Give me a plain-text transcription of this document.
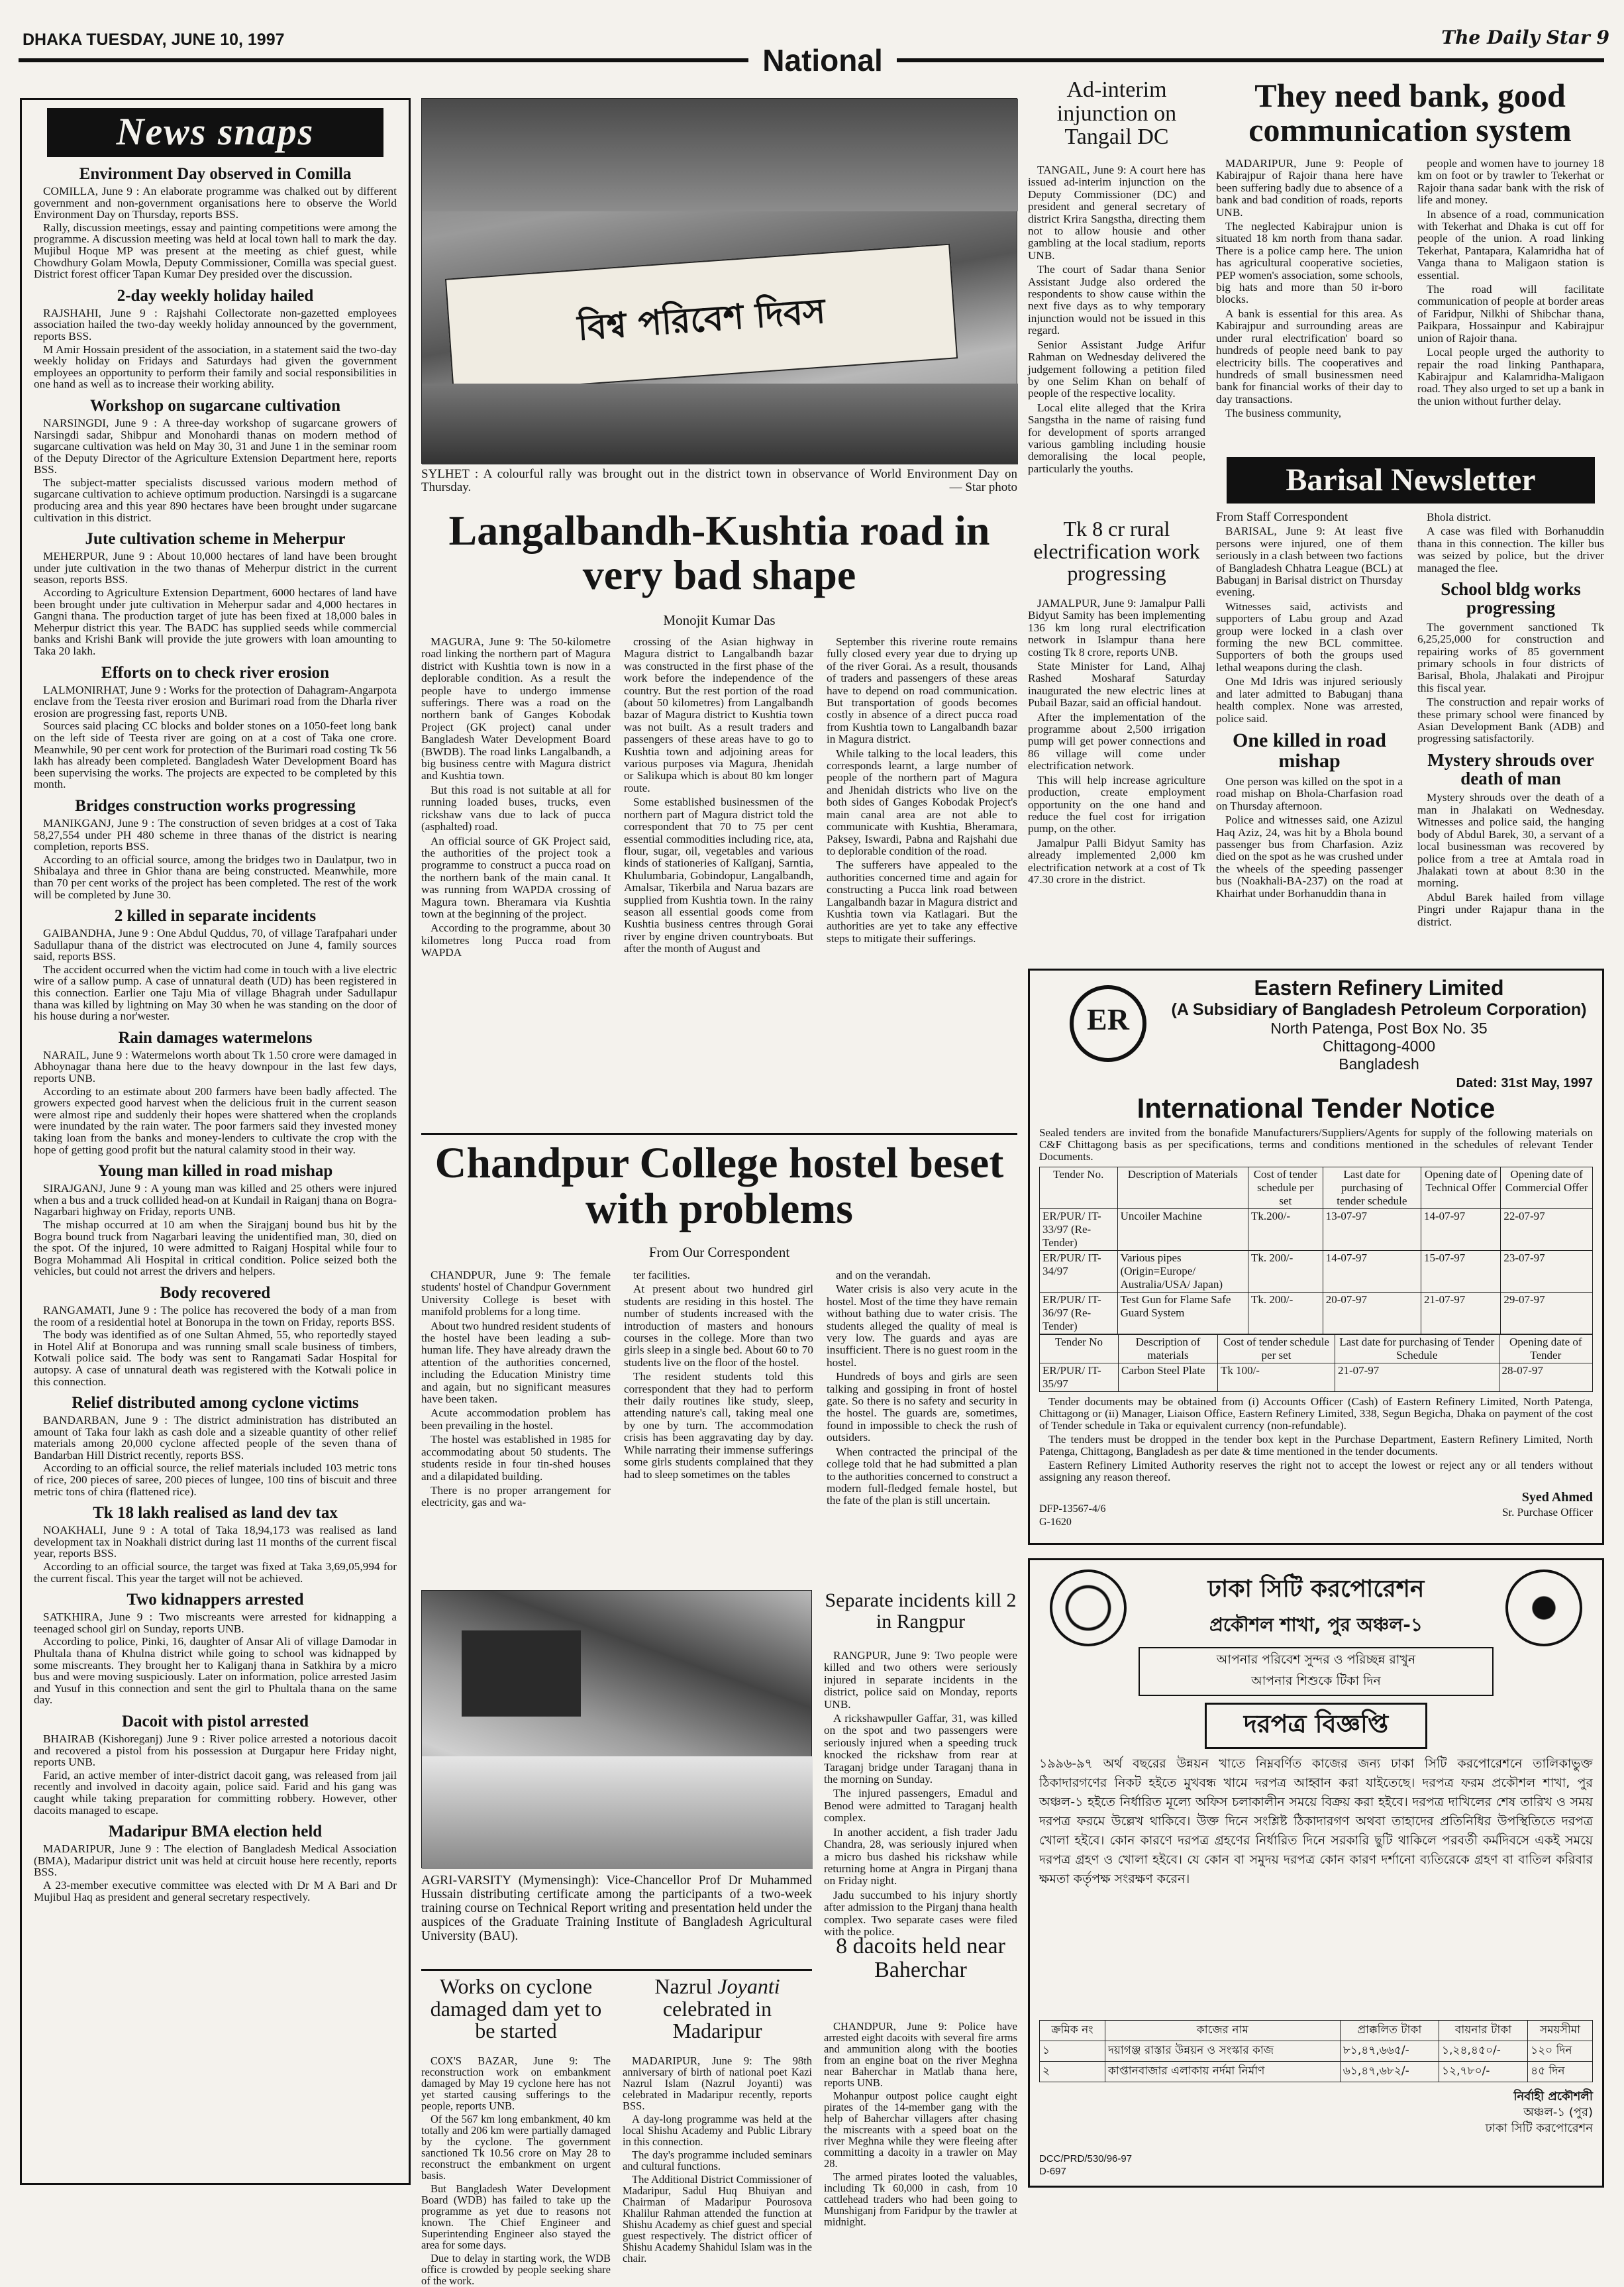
DHAKA TUESDAY, JUNE 10, 1997
National
The Daily Star 9
News snaps
Environment Day observed in Comilla

COMILLA, June 9 : An elaborate programme was chalked out by different government and non-government organisations here to observe the World Environment Day on Thursday, reports BSS.

Rally, discussion meetings, essay and painting competitions were among the programme. A discussion meeting was held at local town hall to mark the day. Mujibul Hoque MP was present at the meeting as chief guest, while Chowdhury Golam Mowla, Deputy Commissioner, Comilla was special guest. District forest officer Tapan Kumar Dey presided over the discussion.

2-day weekly holiday hailed

RAJSHAHI, June 9 : Rajshahi Collectorate non-gazetted employees association hailed the two-day weekly holiday announced by the government, reports BSS.

M Amir Hossain president of the association, in a statement said the two-day weekly holiday on Fridays and Saturdays had given the government employees an opportunity to perform their family and social responsibilities in one hand as well as to increase their working ability.

Workshop on sugarcane cultivation

NARSINGDI, June 9 : A three-day workshop of sugarcane growers of Narsingdi sadar, Shibpur and Monohardi thanas on modern method of sugarcane cultivation was held on May 30, 31 and June 1 in the seminar room of the Deputy Director of the Agriculture Extension Department here, reports BSS.

The subject-matter specialists discussed various modern method of sugarcane cultivation to achieve optimum production. Narsingdi is a sugarcane producing area and this year 890 hectares have been brought under sugarcane cultivation in this district.

Jute cultivation scheme in Meherpur

MEHERPUR, June 9 : About 10,000 hectares of land have been brought under jute cultivation in the two thanas of Meherpur district in the current season, reports BSS.

According to Agriculture Extension Department, 6000 hectares of land have been brought under jute cultivation in Meherpur sadar and 4,000 hectares in Gangni thana. The production target of jute has been fixed at 18,000 bales in Meherpur district this year. The BADC has supplied seeds while commercial banks and Krishi Bank will provide the jute growers with loan amounting to Taka 20 lakh.

Efforts on to check river erosion

LALMONIRHAT, June 9 : Works for the protection of Dahagram-Angarpota enclave from the Teesta river erosion and Burimari road from the Dharla river erosion are progressing fast, reports UNB.

Sources said placing CC blocks and bolder stones on a 1050-feet long bank on the left side of Teesta river are going on at a cost of Taka one crore. Meanwhile, 90 per cent work for protection of the Burimari road costing Tk 56 lakh has already been completed. Bangladesh Water Development Board has been supervising the works. The projects are expected to be completed by this month.

Bridges construction works progressing

MANIKGANJ, June 9 : The construction of seven bridges at a cost of Taka 58,27,554 under PH 480 scheme in three thanas of the district is nearing completion, reports BSS.

According to an official source, among the bridges two in Daulatpur, two in Shibalaya and three in Ghior thana are being constructed. Meanwhile, more than 70 per cent works of the project has been completed. The rest of the work will be completed by June 30.

2 killed in separate incidents

GAIBANDHA, June 9 : One Abdul Quddus, 70, of village Tarafpahari under Sadullapur thana of the district was electrocuted on June 4, family sources said, reports BSS.

The accident occurred when the victim had come in touch with a live electric wire of a sallow pump. A case of unnatural death (UD) has been registered in this connection. Earlier one Taju Mia of village Bhagrah under Sadullapur thana was killed by lightning on May 30 when he was standing on the door of his house during a nor'wester.

Rain damages watermelons

NARAIL, June 9 : Watermelons worth about Tk 1.50 crore were damaged in Abhoynagar thana here due to the heavy downpour in the last few days, reports UNB.

According to an estimate about 200 farmers have been badly affected. The growers expected good harvest when the delicious fruit in the current season were almost ripe and suddenly their hopes were shattered when the croplands were inundated by the rain water. The poor farmers said they invested money taking loan from the banks and money-lenders to cultivate the crop with the hope of getting good profit but the natural calamity stood in their way.

Young man killed in road mishap

SIRAJGANJ, June 9 : A young man was killed and 25 others were injured when a bus and a truck collided head-on at Kundail in Raiganj thana on Bogra-Nagarbari highway on Friday, reports UNB.

The mishap occurred at 10 am when the Sirajganj bound bus hit by the Bogra bound truck from Nagarbari leaving the unidentified man, 30, died on the spot. Of the injured, 10 were admitted to Raiganj Hospital while four to Bogra Mohammad Ali Hospital in critical condition. Police seized both the vehicles, but could not arrest the drivers and helpers.

Body recovered

RANGAMATI, June 9 : The police has recovered the body of a man from the room of a residential hotel at Bonorupa in the town on Friday, reports BSS.

The body was identified as of one Sultan Ahmed, 55, who reportedly stayed in Hotel Alif at Bonorupa and was running small scale business of timbers, Kotwali police said. The body was sent to Rangamati Sadar Hospital for autopsy. A case of unnatural death was registered with the Kotwali police in this connection.

Relief distributed among cyclone victims

BANDARBAN, June 9 : The district administration has distributed an amount of Taka four lakh as cash dole and a sizeable quantity of other relief materials among 20,000 cyclone affected people of the seven thana of Bandarban Hill District recently, reports BSS.

According to an official source, the relief materials included 103 metric tons of rice, 200 pieces of saree, 200 pieces of lungee, 100 tins of biscuit and three metric tons of chira (flattened rice).

Tk 18 lakh realised as land dev tax

NOAKHALI, June 9 : A total of Taka 18,94,173 was realised as land development tax in Noakhali district during last 11 months of the current fiscal year, reports BSS.

According to an official source, the target was fixed at Taka 3,69,05,994 for the current fiscal. This year the target will not be achieved.

Two kidnappers arrested

SATKHIRA, June 9 : Two miscreants were arrested for kidnapping a teenaged school girl on Sunday, reports UNB.

According to police, Pinki, 16, daughter of Ansar Ali of village Damodar in Phultala thana of Khulna district while going to school was kidnapped by some miscreants. They brought her to Kaliganj thana in Satkhira by a micro bus and were moving suspiciously. Later on information, police arrested Jasim and Yusuf in this connection and sent the girl to Phultala thana on the same day.

Dacoit with pistol arrested

BHAIRAB (Kishoreganj) June 9 : River police arrested a notorious dacoit and recovered a pistol from his possession at Durgapur here Friday night, reports UNB.

Farid, an active member of inter-district dacoit gang, was released from jail recently and involved in dacoity again, police said. Farid and his gang was caught while taking preparation for committing robbery. However, other dacoits managed to escape.

Madaripur BMA election held

MADARIPUR, June 9 : The election of Bangladesh Medical Association (BMA), Madaripur district unit was held at circuit house here recently, reports BSS.

A 23-member executive committee was elected with Dr M A Bari and Dr Mujibul Haq as president and general secretary respectively.

বিশ্ব পরিবেশ দিবস
SYLHET : A colourful rally was brought out in the district town in observance of World Environment Day on Thursday.	— Star photo
Langalbandh-Kushtia road in very bad shape
Monojit Kumar Das

MAGURA, June 9: The 50-kilometre road linking the northern part of Magura district with Kushtia town is now in a deplorable condition. As a result the people have to undergo immense sufferings. There was a road on the northern bank of Ganges Kobodak Project (GK project) canal under Bangladesh Water Development Board (BWDB). The road links Langalbandh, a big business centre with Magura district and Kushtia town.

But this road is not suitable at all for running loaded buses, trucks, even rickshaw vans due to lack of pucca (asphalted) road.

An official source of GK Project said, the authorities of the project took a programme to construct a pucca road on the northern bank of the main canal. It was running from WAPDA crossing of Magura town. Bheramara via Kushtia town at the beginning of the project.

According to the programme, about 30 kilometres long Pucca road from WAPDA

crossing of the Asian highway in Magura district to Langalbandh bazar was constructed in the first phase of the work before the independence of the country. But the rest portion of the road (about 50 kilometres) from Langalbandh bazar of Magura district to Kushtia town was not built. As a result traders and passengers of these areas have to go to Kushtia town and adjoining areas for various purposes via Magura, Jhenidah or Salikupa which is about 80 km longer route.

Some established businessmen of the northern part of Magura district told the correspondent that 70 to 75 per cent essential commodities including rice, ata, flour, sugar, oil, vegetables and various kinds of stationeries of Kalīganj, Sarntia, Khulumbaria, Gobindopur, Langalbandh, Amalsar, Tikerbila and Narua bazars are supplied from Kushtia town. In the rainy season all essential goods come from Kushtia business centres through Gorai river by engine driven countryboats. But after the month of August and

September this riverine route remains fully closed every year due to drying up of the river Gorai. As a result, thousands of traders and passengers of these areas have to depend on road communication. But transportation of goods becomes costly in absence of a direct pucca road from Kushtia town to Langalbandh bazar in Magura district.

While talking to the local leaders, this corresponds learnt, a large number of people of the northern part of Magura and Jhenidah districts who live on the both sides of Ganges Kobodak Project's main canal area are not able to communicate with Kushtia, Bheramara, Paksey, Iswardi, Pabna and Rajshahi due to deplorable condition of the road.

The sufferers have appealed to the authorities concerned time and again for constructing a Pucca link road between Langalbandh bazar in Magura district and Kushtia town via Katlagari. But the authorities are yet to take any effective steps to mitigate their sufferings.

Chandpur College hostel beset with problems
From Our Correspondent

CHANDPUR, June 9: The female students' hostel of Chandpur Government University College is beset with manifold problems for a long time.

About two hundred resident students of the hostel have been leading a sub-human life. They have already drawn the attention of the authorities concerned, including the Education Ministry time and again, but no significant measures have been taken.

Acute accommodation problem has been prevailing in the hostel.

The hostel was established in 1985 for accommodating about 50 students. The students reside in four tin-shed houses and a dilapidated building.

There is no proper arrangement for electricity, gas and wa-

ter facilities.

At present about two hundred girl students are residing in this hostel. The number of students increased with the introduction of masters and honours courses in the college. More than two girls sleep in a single bed. About 60 to 70 students live on the floor of the hostel.

The resident students told this correspondent that they had to perform their daily routines like study, sleep, attending nature's call, taking meal one by one by turn. The accommodation crisis has been aggravating day by day. While narrating their immense sufferings some girls students complained that they had to sleep sometimes on the tables

and on the verandah.

Water crisis is also very acute in the hostel. Most of the time they have remain without bathing due to water crisis. The students alleged the quality of meal is very low. The guards and ayas are insufficient. There is no guest room in the hostel.

Hundreds of boys and girls are seen talking and gossiping in front of hostel gate. So there is no safety and security in the hostel. The guards are, sometimes, found in impossible to check the rush of outsiders.

When contracted the principal of the college told that he had submitted a plan to the authorities concerned to construct a modern full-fledged female hostel, but the fate of the plan is still uncertain.

AGRI-VARSITY (Mymensingh): Vice-Chancellor Prof Dr Muhammed Hussain distributing certificate among the participants of a two-week training course on Technical Report writing and presentation held under the auspices of the Graduate Training Institute of Bangladesh Agricultural University (BAU).
Works on cyclone damaged dam yet to be started

COX'S BAZAR, June 9: The reconstruction work on embankment damaged by May 19 cyclone here has not yet started causing sufferings to the people, reports UNB.

Of the 567 km long embankment, 40 km totally and 206 km were partially damaged by the cyclone. The government sanctioned Tk 10.56 crore on May 28 to reconstruct the embankment on urgent basis.

But Bangladesh Water Development Board (WDB) has failed to take up the programme as yet due to reasons not known. The Chief Engineer and Superintending Engineer also stayed the area for some days.

Due to delay in starting work, the WDB office is crowded by people seeking share of the work.

Nazrul Joyanti celebrated in Madaripur

MADARIPUR, June 9: The 98th anniversary of birth of national poet Kazi Nazrul Islam (Nazrul Joyanti) was celebrated in Madaripur recently, reports BSS.

A day-long programme was held at the local Shishu Academy and Public Library in this connection.

The day's programme included seminars and cultural functions.

The Additional District Commissioner of Madaripur, Sadul Huq Bhuiyan and Chairman of Madaripur Pourosova Khalilur Rahman attended the function at Shishu Academy as chief guest and special guest respectively. The district officer of Shishu Academy Shahidul Islam was in the chair.

Separate incidents kill 2 in Rangpur

RANGPUR, June 9: Two people were killed and two others were seriously injured in separate incidents in the district, police said on Monday, reports UNB.

A rickshawpuller Gaffar, 31, was killed on the spot and two passengers were seriously injured when a speeding truck knocked the rickshaw from rear at Taraganj bridge under Taraganj thana in the morning on Sunday.

The injured passengers, Emadul and Benod were admitted to Taraganj health complex.

In another accident, a fish trader Jadu Chandra, 28, was seriously injured when a micro bus dashed his rickshaw while returning home at Angra in Pirganj thana on Friday night.

Jadu succumbed to his injury shortly after admission to the Pirganj thana health complex. Two separate cases were filed with the police.

8 dacoits held near Baherchar

CHANDPUR, June 9: Police have arrested eight dacoits with several fire arms and ammunition along with the booties from an engine boat on the river Meghna near Baherchar in Matlab thana here, reports UNB.

Mohanpur outpost police caught eight pirates of the 14-member gang with the help of Baherchar villagers after chasing the miscreants with a speed boat on the river Meghna while they were fleeing after committing a dacoity in a trawler on May 28.

The armed pirates looted the valuables, including Tk 60,000 in cash, from 10 cattlehead traders who had been going to Munshiganj from Faridpur by the trawler at midnight.

Ad-interim injunction on Tangail DC

TANGAIL, June 9: A court here has issued ad-interim injunction on the Deputy Commissioner (DC) and president and general secretary of district Krira Sangstha, directing them not to allow housie and other gambling at the local stadium, reports UNB.

The court of Sadar thana Senior Assistant Judge also ordered the respondents to show cause within the next five days as to why temporary injunction would not be issued in this regard.

Senior Assistant Judge Arifur Rahman on Wednesday delivered the judgement following a petition filed by one Selim Khan on behalf of people of the respective locality.

Local elite alleged that the Krira Sangstha in the name of raising fund for development of sports arranged various gambling including housie demoralising the local people, particularly the youths.

Tk 8 cr rural electrification work progressing

JAMALPUR, June 9: Jamalpur Palli Bidyut Samity has been implementing 136 km long rural electrification network in Islampur thana here costing Tk 8 crore, reports UNB.

State Minister for Land, Alhaj Rashed Mosharaf Saturday inaugurated the new electric lines at Pubail Bazar, said an official handout.

After the implementation of the programme about 2,500 irrigation pump will get power connections and 86 village will come under electrification network.

This will help increase agriculture production, create employment opportunity on the one hand and reduce the fuel cost for irrigation pump, on the other.

Jamalpur Palli Bidyut Samity has already implemented 2,000 km electrification network at a cost of Tk 47.30 crore in the district.

They need bank, good communication system

MADARIPUR, June 9: People of Kabirajpur of Rajoir thana here have been suffering badly due to absence of a bank and bad condition of roads, reports UNB.

The neglected Kabirajpur union is situated 18 km north from thana sadar. There is a police camp here. The union has agricultural cooperative societies, PEP women's association, some schools, big hats and more than 50 ir-boro blocks.

A bank is essential for this area. As Kabirajpur and surrounding areas are under rural electrification' board so hundreds of people need bank to pay electricity bills. The cooperatives and hundreds of small businessmen need bank for financial works of their day to day transactions.

The business community,

people and women have to journey 18 km on foot or by trawler to Tekerhat or Rajoir thana sadar bank with the risk of life and money.

In absence of a road, communication with Tekerhat and Dhaka is cut off for people of the union. A road linking Tekerhat, Pantapara, Kalamridha hat of Vanga thana to Maligaon station is essential.

The road will facilitate communication of people at border areas of Faridpur, Nilkhi of Shibchar thana, Paikpara, Hossainpur and Kabirajpur union of Rajoir thana.

Local people urged the authority to repair the road linking Panthapara, Kabirajpur and Kalamridha-Maligaon road. They also urged to set up a bank in the union without further delay.

Barisal Newsletter
From Staff Correspondent

BARISAL, June 9: At least five persons were injured, one of them seriously in a clash between two factions of Bangladesh Chhatra League (BCL) at Babuganj in Barisal district on Thursday evening.

Witnesses said, activists and supporters of Labu group and Azad group were locked in a clash over forming the new BCL committee. Supporters of both the groups used lethal weapons during the clash.

One Md Idris was injured seriously and later admitted to Babuganj thana health complex. None was arrested, police said.

One killed in road mishap

One person was killed on the spot in a road mishap on Bhola-Charfasion road on Thursday afternoon.

Police and witnesses said, one Azizul Haq Aziz, 24, was hit by a Bhola bound passenger bus from Charfasion. Aziz died on the spot as he was crushed under the wheels of the speeding passenger bus (Noakhali-BA-237) on the road at Khairhat under Borhanuddin thana in

Bhola district.

A case was filed with Borhanuddin thana in this connection. The killer bus was seized by police, but the driver managed the flee.

School bldg works progressing

The government sanctioned Tk 6,25,25,000 for construction and repairing works of 85 government primary schools in four districts of Barisal, Bhola, Jhalakati and Pirojpur this fiscal year.

The construction and repair works of these primary school were financed by Asian Development Bank (ADB) and progressing satisfactorily.

Mystery shrouds over death of man

Mystery shrouds over the death of a man in Jhalakati on Wednesday. Witnesses and police said, the hanging body of Abdul Barek, 30, a servant of a local businessman was recovered by police from a tree at Amtala road in Jhalakati town at about 8:30 in the morning.

Abdul Barek hailed from village Pingri under Rajapur thana in the district.

ER
Eastern Refinery Limited
(A Subsidiary of Bangladesh Petroleum Corporation)
North Patenga, Post Box No. 35
Chittagong-4000
Bangladesh
Dated: 31st May, 1997
International Tender Notice
Sealed tenders are invited from the bonafide Manufacturers/Suppliers/Agents for supply of the following materials on C&F Chittagong basis as per specifications, terms and conditions mentioned in the schedules of relevant Tender Documents.
Tender No.	Description of Materials	Cost of tender schedule per set	Last date for purchasing of tender schedule	Opening date of Technical Offer	Opening date of Commercial Offer
ER/PUR/ IT-33/97 (Re-Tender)	Uncoiler Machine	Tk.200/-	13-07-97	14-07-97	22-07-97
ER/PUR/ IT-34/97	Various pipes (Origin=Europe/ Australia/USA/ Japan)	Tk. 200/-	14-07-97	15-07-97	23-07-97
ER/PUR/ IT-36/97 (Re-Tender)	Test Gun for Flame Safe Guard System	Tk. 200/-	20-07-97	21-07-97	29-07-97
Tender No	Description of materials	Cost of tender schedule per set	Last date for purchasing of Tender Schedule	Opening date of Tender
ER/PUR/ IT-35/97	Carbon Steel Plate	Tk 100/-	21-07-97	28-07-97

Tender documents may be obtained from (i) Accounts Officer (Cash) of Eastern Refinery Limited, North Patenga, Chittagong or (ii) Manager, Liaison Office, Eastern Refinery Limited, 338, Segun Begicha, Dhaka on payment of the cost of Tender schedule in Taka or equivalent currency (non-refundable).

The tenders must be dropped in the tender box kept in the Purchase Department, Eastern Refinery Limited, North Patenga, Chittagong, Bangladesh as per date & time mentioned in the tender documents.

Eastern Refinery Limited Authority reserves the right not to accept the lowest or reject any or all tenders without assigning any reason thereof.

DFP-13567-4/6
G-1620
Syed Ahmed
Sr. Purchase Officer
ঢাকা সিটি করপোরেশন
প্রকৌশল শাখা, পুর অঞ্চল-১
আপনার পরিবেশ সুন্দর ও পরিচ্ছন্ন রাখুন
আপনার শিশুকে টিকা দিন
দরপত্র বিজ্ঞপ্তি
১৯৯৬-৯৭ অর্থ বছরের উন্নয়ন খাতে নিম্নবর্ণিত কাজের জন্য ঢাকা সিটি করপোরেশনে তালিকাভুক্ত ঠিকাদারগণের নিকট হইতে মুখবন্ধ খামে দরপত্র আহ্বান করা যাইতেছে। দরপত্র ফরম প্রকৌশল শাখা, পুর অঞ্চল-১ হইতে নির্ধারিত মূল্যে অফিস চলাকালীন সময়ে বিক্রয় করা হইবে। দরপত্র দাখিলের শেষ তারিখ ও সময় দরপত্র ফরমে উল্লেখ থাকিবে। উক্ত দিনে সংশ্লিষ্ট ঠিকাদারগণ অথবা তাহাদের প্রতিনিধির উপস্থিতিতে দরপত্র খোলা হইবে। কোন কারণে দরপত্র গ্রহণের নির্ধারিত দিনে সরকারি ছুটি থাকিলে পরবর্তী কর্মদিবসে একই সময়ে দরপত্র গ্রহণ ও খোলা হইবে। যে কোন বা সমুদয় দরপত্র কোন কারণ দর্শানো ব্যতিরেকে গ্রহণ বা বাতিল করিবার ক্ষমতা কর্তৃপক্ষ সংরক্ষণ করেন।
ক্রমিক নং	কাজের নাম	প্রাক্কলিত টাকা	বায়নার টাকা	সময়সীমা
১	দয়াগঞ্জ রাস্তার উন্নয়ন ও সংস্কার কাজ	৮১,৪৭,৬৬৫/-	১,২৪,৪৫০/-	১২০ দিন
২	কাপ্তানবাজার এলাকায় নর্দমা নির্মাণ	৬১,৪৭,৬৮২/-	১২,৭৮০/-	৪৫ দিন
নির্বাহী প্রকৌশলী
অঞ্চল-১ (পুর)
ঢাকা সিটি করপোরেশন
DCC/PRD/530/96-97
D-697
